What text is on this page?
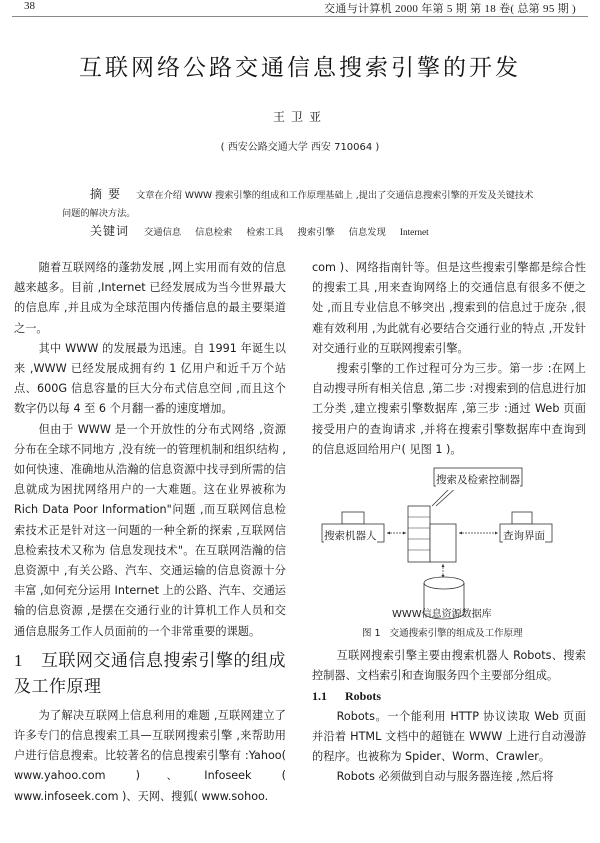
38	交通与计算机 2000 年第 5 期 第 18 卷( 总第 95 期 )
互联网络公路交通信息搜索引擎的开发
王卫亚
( 西安公路交通大学 西安 710064 )
摘要 文章在介绍 WWW 搜索引擎的组成和工作原理基础上 ,提出了交通信息搜索引擎的开发及关键技术问题的解决方法。
关键词 交通信息 信息检索 检索工具 搜索引擎 信息发现 Internet

随着互联网络的蓬勃发展 ,网上实用而有效的信息越来越多。目前 ,Internet 已经发展成为当今世界最大的信息库 ,并且成为全球范围内传播信息的最主要渠道之一。

其中 WWW 的发展最为迅速。自 1991 年诞生以来 ,WWW 已经发展成拥有约 1 亿用户和近千万个站点、600G 信息容量的巨大分布式信息空间 ,而且这个数字仍以每 4 至 6 个月翻一番的速度增加。

但由于 WWW 是一个开放性的分布式网络 ,资源分布在全球不同地方 ,没有统一的管理机制和组织结构 ,如何快速、准确地从浩瀚的信息资源中找寻到所需的信息就成为困扰网络用户的一大难题。这在业界被称为 Rich Data Poor Information"问题 ,而互联网信息检索技术正是针对这一问题的一种全新的探索 ,互联网信息检索技术又称为 信息发现技术"。在互联网浩瀚的信息资源中 ,有关公路、汽车、交通运输的信息资源十分丰富 ,如何充分运用 Internet 上的公路、汽车、交通运输的信息资源 ,是摆在交通行业的计算机工作人员和交通信息服务工作人员面前的一个非常重要的课题。

1 互联网交通信息搜索引擎的组成及工作原理

为了解决互联网上信息利用的难题 ,互联网建立了许多专门的信息搜索工具—互联网搜索引擎 ,来帮助用户进行信息搜索。比较著名的信息搜索引擎有 :Yahoo( www.yahoo.com )、Infoseek ( www.infoseek.com )、天网、搜狐( www.sohoo.

com )、网络指南针等。但是这些搜索引擎都是综合性的搜索工具 ,用来查询网络上的交通信息有很多不便之处 ,而且专业信息不够突出 ,搜索到的信息过于庞杂 ,很难有效利用 ,为此就有必要结合交通行业的特点 ,开发针对交通行业的互联网搜索引擎。

搜索引擎的工作过程可分为三步。第一步 :在网上自动搜寻所有相关信息 ,第二步 :对搜索到的信息进行加工分类 ,建立搜索引擎数据库 ,第三步 :通过 Web 页面接受用户的查询请求 ,并将在搜索引擎数据库中查询到的信息返回给用户( 见图 1 )。

搜索及检索控制器
搜索机器人	查询界面
WWW信息资源数据库
图 1 交通搜索引擎的组成及工作原理

互联网搜索引擎主要由搜索机器人 Robots、搜索控制器、文档索引和查询服务四个主要部分组成。

1.1 Robots

Robots。一个能利用 HTTP 协议读取 Web 页面并沿着 HTML 文档中的超链在 WWW 上进行自动漫游的程序。也被称为 Spider、Worm、Crawler。

Robots 必须做到自动与服务器连接 ,然后将
